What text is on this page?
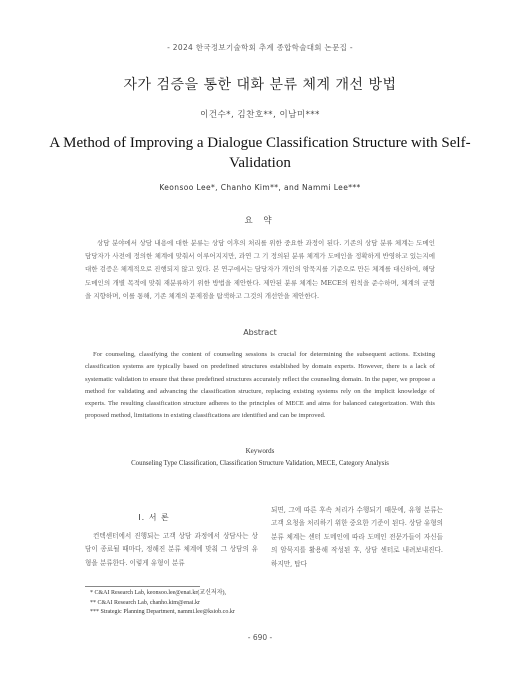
- 2024 한국정보기술학회 추계 종합학술대회 논문집 -
자가 검증을 통한 대화 분류 체계 개선 방법
이건수*, 김찬호**, 이남미***
A Method of Improving a Dialogue Classification Structure with Self-Validation
Keonsoo Lee*, Chanho Kim**, and Nammi Lee***
요 약
상담 분야에서 상담 내용에 대한 분류는 상담 이후의 처리를 위한 중요한 과정이 된다. 기존의 상담 분류 체계는 도메인 담당자가 사전에 정의한 체계에 맞춰서 이루어지지만, 과연 그 기 정의된 분류 체계가 도메인을 정확하게 반영하고 있는지에 대한 검증은 체계적으로 진행되지 않고 있다. 본 연구에서는 담당자가 개인의 암묵지를 기준으로 만든 체계를 대신하여, 해당 도메인의 개별 목적에 맞춰 재분류하기 위한 방법을 제안한다. 제안된 분류 체계는 MECE의 원칙을 준수하며, 체계의 균형을 지향하며, 이를 통해, 기존 체계의 문제점을 탐색하고 그것의 개선안을 제안한다.
Abstract
For counseling, classifying the content of counseling sessions is crucial for determining the subsequent actions. Existing classification systems are typically based on predefined structures established by domain experts. However, there is a lack of systematic validation to ensure that these predefined structures accurately reflect the counseling domain. In the paper, we propose a method for validating and advancing the classification structure, replacing existing systems rely on the implicit knowledge of experts. The resulting classification structure adheres to the principles of MECE and aims for balanced categorization. With this proposed method, limitations in existing classifications are identified and can be improved.
Keywords
Counseling Type Classification, Classification Structure Validation, MECE, Category Analysis
Ⅰ. 서 론
컨텍센터에서 진행되는 고객 상담 과정에서 상담사는 상담이 종료될 때마다, 정해진 분류 체계에 맞춰 그 상담의 유형을 분류한다. 이렇게 유형이 분류
되면, 그에 따른 후속 처리가 수행되기 때문에, 유형 분류는 고객 요청을 처리하기 위한 중요한 기준이 된다. 상담 유형의 분류 체계는 센터 도메인에 따라 도메인 전문가들이 자신들의 암묵지를 활용해 작성된 후, 상담 센터로 내려보내진다. 하지만, 탑다
* C&AI Research Lab, keonsoo.lee@enai.kr(교신저자),
** C&AI Research Lab, chanho.kim@enai.kr
*** Strategic Planning Department, nammi.lee@ksiob.co.kr
- 690 -
